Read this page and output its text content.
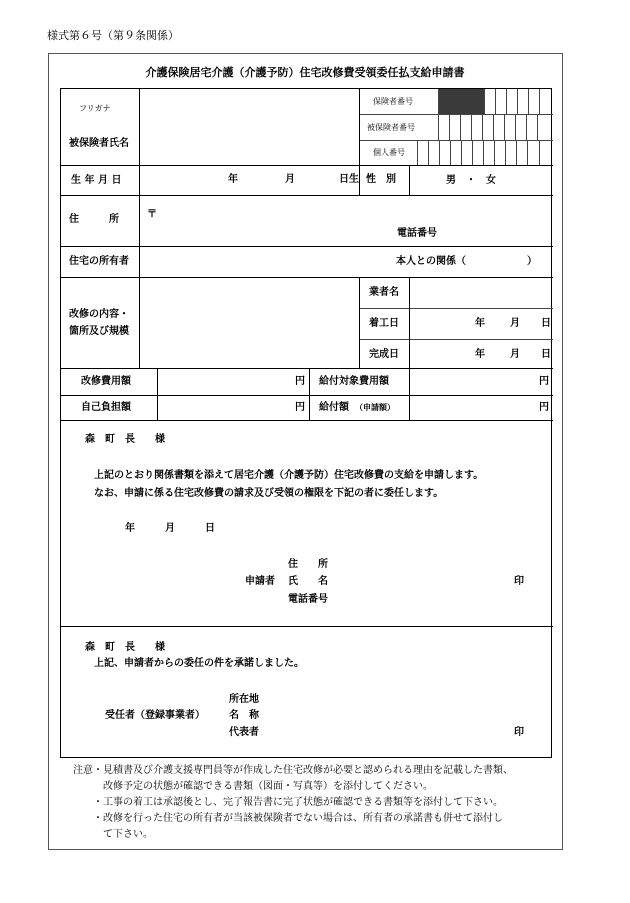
様式第６号（第９条関係）
介護保険居宅介護（介護予防）住宅改修費受領委任払支給申請書
フリガナ
被保険者氏名
保険者番号
被保険者番号
個人番号
生 年 月 日	年	月	日生 性　別	男　・　女
住　　　所	〒
電話番号
住宅の所有者	本人との関係（	）
改修の内容・
箇所及び規模
業者名
着工日	年	月 日
完成日	年	月 日
改修費用額	円 給付対象費用額	円
自己負担額	円 給付額 （申請額）	円
森　町　長　　様
上記のとおり関係書類を添えて居宅介護（介護予防）住宅改修費の支給を申請します。
なお、申請に係る住宅改修費の請求及び受領の権限を下記の者に委任します。
年　　　月　　　日
住　　所
申請者 氏　　名	印
電話番号
森　町　長　　様
上記、申請者からの委任の件を承諾しました。
所在地
受任者（登録事業者） 名　称
代表者	印
注意・見積書及び介護支援専門員等が作成した住宅改修が必要と認められる理由を記載した書類、
　　　改修予定の状態が確認できる書類（図面・写真等）を添付してください。
　　・工事の着工は承認後とし、完了報告書に完了状態が確認できる書類等を添付して下さい。
　　・改修を行った住宅の所有者が当該被保険者でない場合は、所有者の承諾書も併せて添付し
　　　て下さい。
